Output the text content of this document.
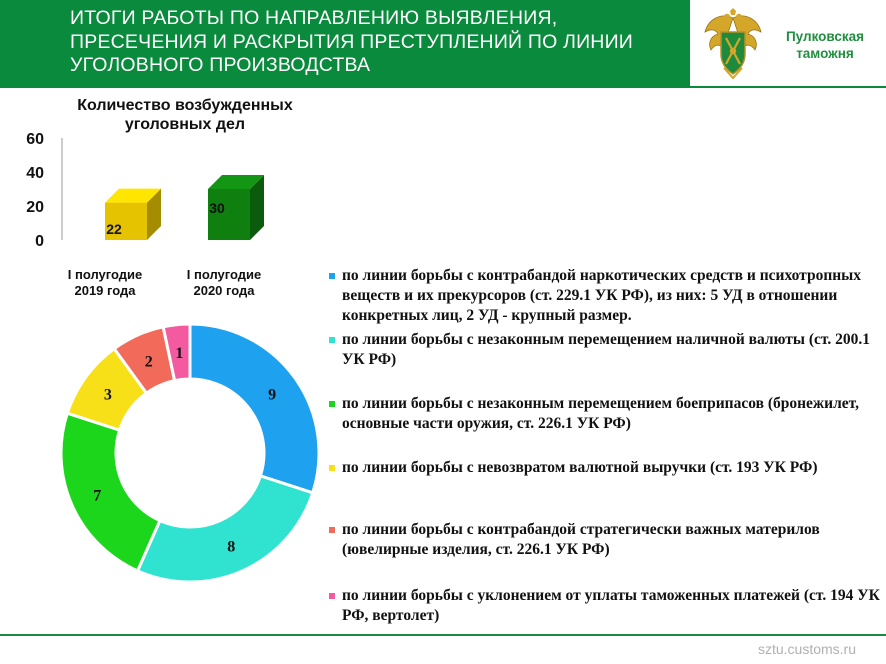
ИТОГИ РАБОТЫ ПО НАПРАВЛЕНИЮ ВЫЯВЛЕНИЯ,
ПРЕСЕЧЕНИЯ И РАСКРЫТИЯ ПРЕСТУПЛЕНИЙ ПО ЛИНИИ
УГОЛОВНОГО ПРОИЗВОДСТВА
Пулковская
таможня
Количество возбужденных
уголовных дел
0
20
40
60
22
30
I полугодие
2019 года
I полугодие
2020 года
9
8
7
3
2 1
по линии борьбы с контрабандой наркотических средств и психотропных веществ и их прекурсоров (ст. 229.1 УК РФ), из них: 5 УД в отношении конкретных лиц, 2 УД - крупный размер.
по линии борьбы с незаконным перемещением наличной валюты (ст. 200.1 УК РФ)
по линии борьбы с незаконным перемещением боеприпасов (бронежилет, основные части оружия, ст. 226.1 УК РФ)
по линии борьбы с невозвратом валютной выручки (ст. 193 УК РФ)
по линии борьбы с контрабандой стратегически важных материлов (ювелирные изделия, ст. 226.1 УК РФ)
по линии борьбы с уклонением от уплаты таможенных платежей (ст. 194 УК РФ, вертолет)
sztu.customs.ru
